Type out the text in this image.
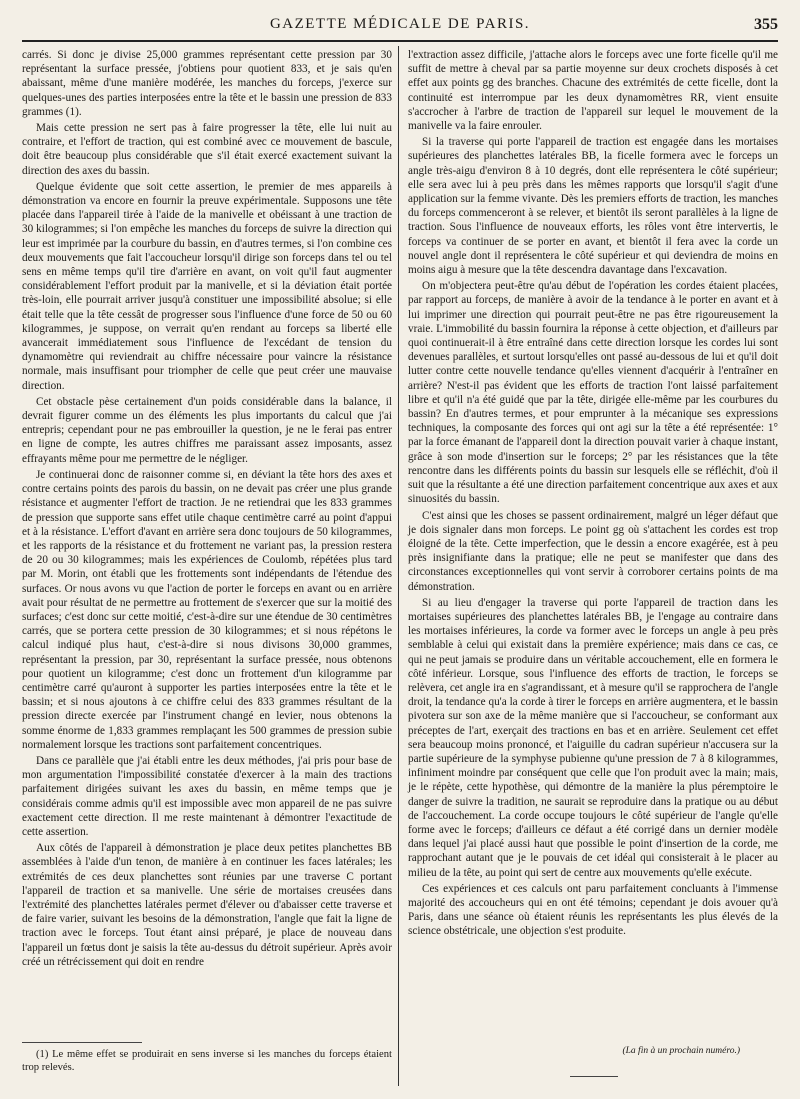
GAZETTE MÉDICALE DE PARIS.	355

carrés. Si donc je divise 25,000 grammes représentant cette pression par 30 représentant la surface pressée, j'obtiens pour quotient 833, et je sais qu'en abaissant, même d'une manière modérée, les manches du forceps, j'exerce sur quelques-unes des parties interposées entre la tête et le bassin une pression de 833 grammes (1).

Mais cette pression ne sert pas à faire progresser la tête, elle lui nuit au contraire, et l'effort de traction, qui est combiné avec ce mouvement de bascule, doit être beaucoup plus considérable que s'il était exercé exactement suivant la direction des axes du bassin.

Quelque évidente que soit cette assertion, le premier de mes appareils à démonstration va encore en fournir la preuve expérimentale. Supposons une tête placée dans l'appareil tirée à l'aide de la manivelle et obéissant à une traction de 30 kilogrammes; si l'on empêche les manches du forceps de suivre la direction qui leur est imprimée par la courbure du bassin, en d'autres termes, si l'on combine ces deux mouvements que fait l'accoucheur lorsqu'il dirige son forceps dans tel ou tel sens en même temps qu'il tire d'arrière en avant, on voit qu'il faut augmenter considérablement l'effort produit par la manivelle, et si la déviation était portée très-loin, elle pourrait arriver jusqu'à constituer une impossibilité absolue; si elle était telle que la tête cessât de progresser sous l'influence d'une force de 50 ou 60 kilogrammes, je suppose, on verrait qu'en rendant au forceps sa liberté elle avancerait immédiatement sous l'influence de l'excédant de tension du dynamomètre qui reviendrait au chiffre nécessaire pour vaincre la résistance normale, mais insuffisant pour triompher de celle que peut créer une mauvaise direction.

Cet obstacle pèse certainement d'un poids considérable dans la balance, il devrait figurer comme un des éléments les plus importants du calcul que j'ai entrepris; cependant pour ne pas embrouiller la question, je ne le ferai pas entrer en ligne de compte, les autres chiffres me paraissant assez imposants, assez effrayants même pour me permettre de le négliger.

Je continuerai donc de raisonner comme si, en déviant la tête hors des axes et contre certains points des parois du bassin, on ne devait pas créer une plus grande résistance et augmenter l'effort de traction. Je ne retiendrai que les 833 grammes de pression que supporte sans effet utile chaque centimètre carré au point d'appui et à la résistance. L'effort d'avant en arrière sera donc toujours de 50 kilogrammes, et les rapports de la résistance et du frottement ne variant pas, la pression restera de 20 ou 30 kilogrammes; mais les expériences de Coulomb, répétées plus tard par M. Morin, ont établi que les frottements sont indépendants de l'étendue des surfaces. Or nous avons vu que l'action de porter le forceps en avant ou en arrière avait pour résultat de ne permettre au frottement de s'exercer que sur la moitié des surfaces; c'est donc sur cette moitié, c'est-à-dire sur une étendue de 30 centimètres carrés, que se portera cette pression de 30 kilogrammes; et si nous répétons le calcul indiqué plus haut, c'est-à-dire si nous divisons 30,000 grammes, représentant la pression, par 30, représentant la surface pressée, nous obtenons pour quotient un kilogramme; c'est donc un frottement d'un kilogramme par centimètre carré qu'auront à supporter les parties interposées entre la tête et le bassin; et si nous ajoutons à ce chiffre celui des 833 grammes résultant de la pression directe exercée par l'instrument changé en levier, nous obtenons la somme énorme de 1,833 grammes remplaçant les 500 grammes de pression subie normalement lorsque les tractions sont parfaitement concentriques.

Dans ce parallèle que j'ai établi entre les deux méthodes, j'ai pris pour base de mon argumentation l'impossibilité constatée d'exercer à la main des tractions parfaitement dirigées suivant les axes du bassin, en même temps que je considérais comme admis qu'il est impossible avec mon appareil de ne pas suivre exactement cette direction. Il me reste maintenant à démontrer l'exactitude de cette assertion.

Aux côtés de l'appareil à démonstration je place deux petites planchettes BB assemblées à l'aide d'un tenon, de manière à en continuer les faces latérales; les extrémités de ces deux planchettes sont réunies par une traverse C portant l'appareil de traction et sa manivelle. Une série de mortaises creusées dans l'extrémité des planchettes latérales permet d'élever ou d'abaisser cette traverse et de faire varier, suivant les besoins de la démonstration, l'angle que fait la ligne de traction avec le forceps. Tout étant ainsi préparé, je place de nouveau dans l'appareil un fœtus dont je saisis la tête au-dessus du détroit supérieur. Après avoir créé un rétrécissement qui doit en rendre

l'extraction assez difficile, j'attache alors le forceps avec une forte ficelle qu'il me suffit de mettre à cheval par sa partie moyenne sur deux crochets disposés à cet effet aux points gg des branches. Chacune des extrémités de cette ficelle, dont la continuité est interrompue par les deux dynamomètres RR, vient ensuite s'accrocher à l'arbre de traction de l'appareil sur lequel le mouvement de la manivelle va la faire enrouler.

Si la traverse qui porte l'appareil de traction est engagée dans les mortaises supérieures des planchettes latérales BB, la ficelle formera avec le forceps un angle très-aigu d'environ 8 à 10 degrés, dont elle représentera le côté supérieur; elle sera avec lui à peu près dans les mêmes rapports que lorsqu'il s'agit d'une application sur la femme vivante. Dès les premiers efforts de traction, les manches du forceps commenceront à se relever, et bientôt ils seront parallèles à la ligne de traction. Sous l'influence de nouveaux efforts, les rôles vont être intervertis, le forceps va continuer de se porter en avant, et bientôt il fera avec la corde un nouvel angle dont il représentera le côté supérieur et qui deviendra de moins en moins aigu à mesure que la tête descendra davantage dans l'excavation.

On m'objectera peut-être qu'au début de l'opération les cordes étaient placées, par rapport au forceps, de manière à avoir de la tendance à le porter en avant et à lui imprimer une direction qui pourrait peut-être ne pas être rigoureusement la vraie. L'immobilité du bassin fournira la réponse à cette objection, et d'ailleurs par quoi continuerait-il à être entraîné dans cette direction lorsque les cordes lui sont devenues parallèles, et surtout lorsqu'elles ont passé au-dessous de lui et qu'il doit lutter contre cette nouvelle tendance qu'elles viennent d'acquérir à l'entraîner en arrière? N'est-il pas évident que les efforts de traction l'ont laissé parfaitement libre et qu'il n'a été guidé que par la tête, dirigée elle-même par les courbures du bassin? En d'autres termes, et pour emprunter à la mécanique ses expressions techniques, la composante des forces qui ont agi sur la tête a été représentée: 1° par la force émanant de l'appareil dont la direction pouvait varier à chaque instant, grâce à son mode d'insertion sur le forceps; 2° par les résistances que la tête rencontre dans les différents points du bassin sur lesquels elle se réfléchit, d'où il suit que la résultante a été une direction parfaitement concentrique aux axes et aux sinuosités du bassin.

C'est ainsi que les choses se passent ordinairement, malgré un léger défaut que je dois signaler dans mon forceps. Le point gg où s'attachent les cordes est trop éloigné de la tête. Cette imperfection, que le dessin a encore exagérée, est à peu près insignifiante dans la pratique; elle ne peut se manifester que dans des circonstances exceptionnelles qui vont servir à corroborer certains points de ma démonstration.

Si au lieu d'engager la traverse qui porte l'appareil de traction dans les mortaises supérieures des planchettes latérales BB, je l'engage au contraire dans les mortaises inférieures, la corde va former avec le forceps un angle à peu près semblable à celui qui existait dans la première expérience; mais dans ce cas, ce qui ne peut jamais se produire dans un véritable accouchement, elle en formera le côté inférieur. Lorsque, sous l'influence des efforts de traction, le forceps se relèvera, cet angle ira en s'agrandissant, et à mesure qu'il se rapprochera de l'angle droit, la tendance qu'a la corde à tirer le forceps en arrière augmentera, et le bassin pivotera sur son axe de la même manière que si l'accoucheur, se conformant aux préceptes de l'art, exerçait des tractions en bas et en arrière. Seulement cet effet sera beaucoup moins prononcé, et l'aiguille du cadran supérieur n'accusera sur la partie supérieure de la symphyse pubienne qu'une pression de 7 à 8 kilogrammes, infiniment moindre par conséquent que celle que l'on produit avec la main; mais, je le répète, cette hypothèse, qui démontre de la manière la plus péremptoire le danger de suivre la tradition, ne saurait se reproduire dans la pratique ou au début de l'accouchement. La corde occupe toujours le côté supérieur de l'angle qu'elle forme avec le forceps; d'ailleurs ce défaut a été corrigé dans un dernier modèle dans lequel j'ai placé aussi haut que possible le point d'insertion de la corde, me rapprochant autant que je le pouvais de cet idéal qui consisterait à le placer au milieu de la tête, au point qui sert de centre aux mouvements qu'elle exécute.

Ces expériences et ces calculs ont paru parfaitement concluants à l'immense majorité des accoucheurs qui en ont été témoins; cependant je dois avouer qu'à Paris, dans une séance où étaient réunis les représentants les plus élevés de la science obstétricale, une objection s'est produite.

(1) Le même effet se produirait en sens inverse si les manches du forceps étaient trop relevés.
(La fin à un prochain numéro.)
